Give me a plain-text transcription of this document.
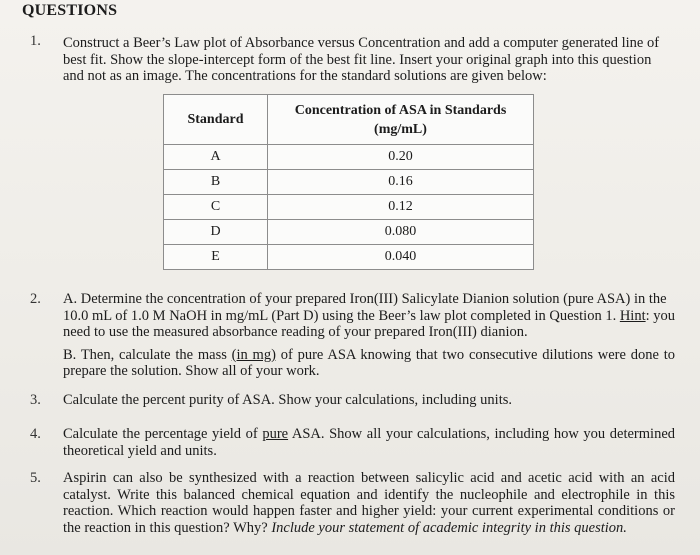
QUESTIONS
1. Construct a Beer’s Law plot of Absorbance versus Concentration and add a computer generated line of best fit. Show the slope-intercept form of the best fit line. Insert your original graph into this question and not as an image. The concentrations for the standard solutions are given below:

Standard	Concentration of ASA in Standards
(mg/mL)

A	0.20
B	0.16
C	0.12
D	0.080
E	0.040
2. A. Determine the concentration of your prepared Iron(III) Salicylate Dianion solution (pure ASA) in the 10.0 mL of 1.0 M NaOH in mg/mL (Part D) using the Beer’s law plot completed in Question 1. Hint: you need to use the measured absorbance reading of your prepared Iron(III) dianion.

B. Then, calculate the mass (in mg) of pure ASA knowing that two consecutive dilutions were done to prepare the solution. Show all of your work.

3. Calculate the percent purity of ASA. Show your calculations, including units.

4. Calculate the percentage yield of pure ASA. Show all your calculations, including how you determined theoretical yield and units.

5. Aspirin can also be synthesized with a reaction between salicylic acid and acetic acid with an acid catalyst. Write this balanced chemical equation and identify the nucleophile and electrophile in this reaction. Which reaction would happen faster and higher yield: your current experimental conditions or the reaction in this question? Why? Include your statement of academic integrity in this question.
